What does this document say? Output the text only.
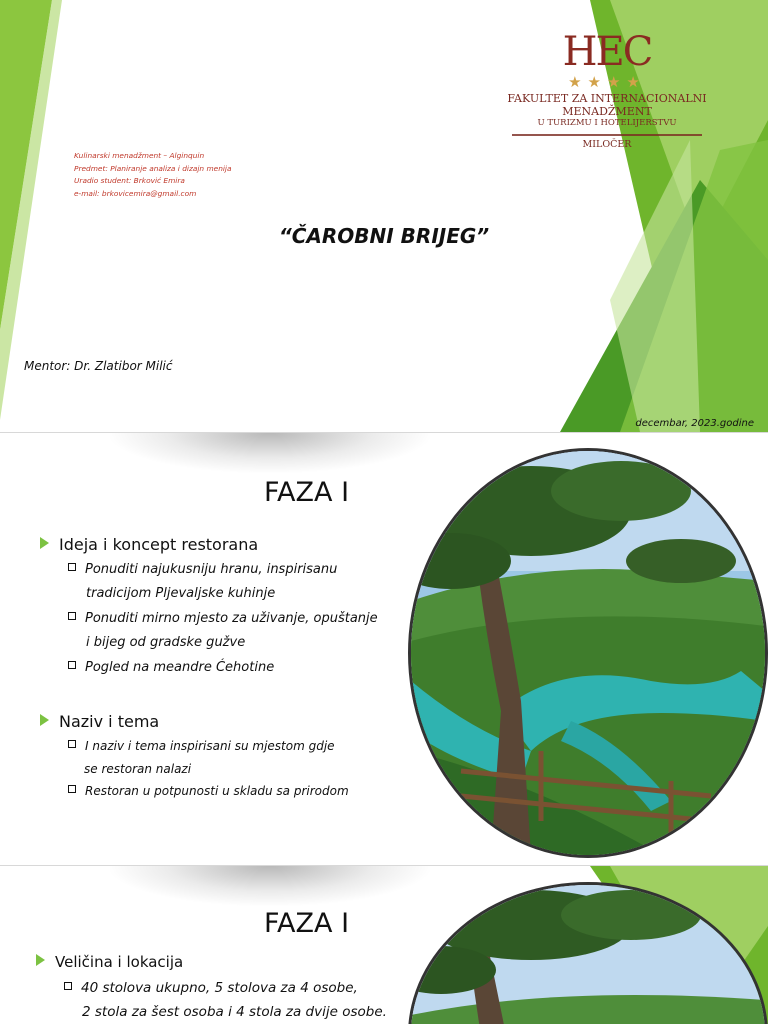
HEC
★★★★
FAKULTET ZA INTERNACIONALNI MENADŽMENT
U TURIZMU I HOTELIJERSTVU
MILOČER
Kulinarski menadžment – Alginquin
Predmet: Planiranje analiza i dizajn menija
Uradio student: Brković Emira
e-mail: brkovicemira@gmail.com
“ČAROBNI BRIJEG”
Mentor: Dr. Zlatibor Milić
decembar, 2023.godine
FAZA I
Ideja i koncept restorana
Ponuditi najukusniju hranu, inspirisanu
tradicijom Pljevaljske kuhinje
Ponuditi mirno mjesto za uživanje, opuštanje
i bijeg od gradske gužve
Pogled na meandre Ćehotine
Naziv i tema
I naziv i tema inspirisani su mjestom gdje
se restoran nalazi
Restoran u potpunosti u skladu sa prirodom
FAZA I
Veličina i lokacija
40 stolova ukupno, 5 stolova za 4 osobe,
2 stola za šest osoba i 4 stola za dvije osobe.
